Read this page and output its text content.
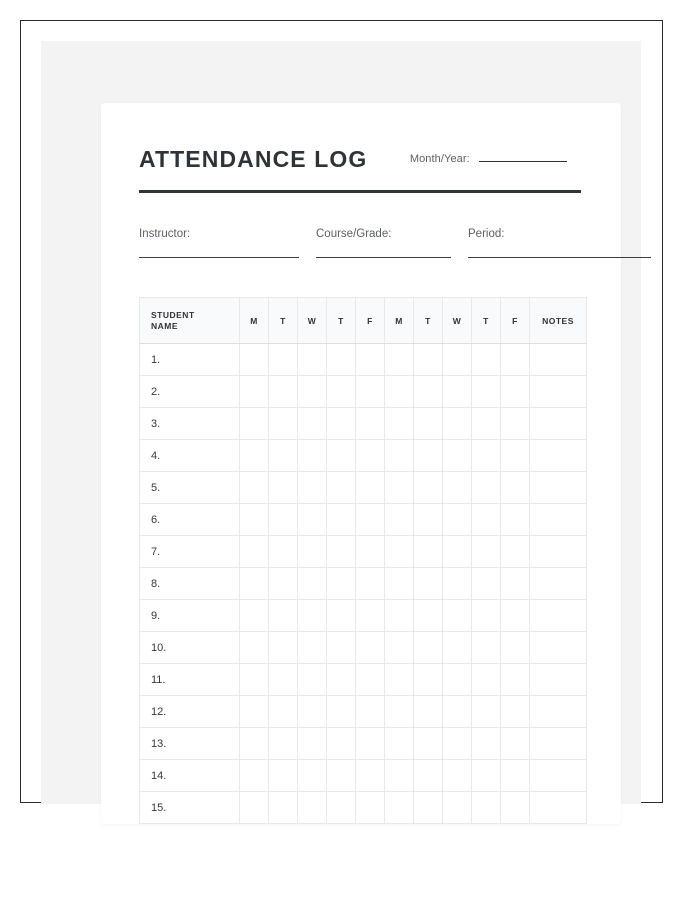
ATTENDANCE LOG	Month/Year:
Instructor:	Course/Grade:	Period:
STUDENT
NAME	M	T	W	T	F	M	T	W	T	F	NOTES
1.											
2.											
3.											
4.											
5.											
6.											
7.											
8.											
9.											
10.											
11.											
12.											
13.											
14.											
15.											
